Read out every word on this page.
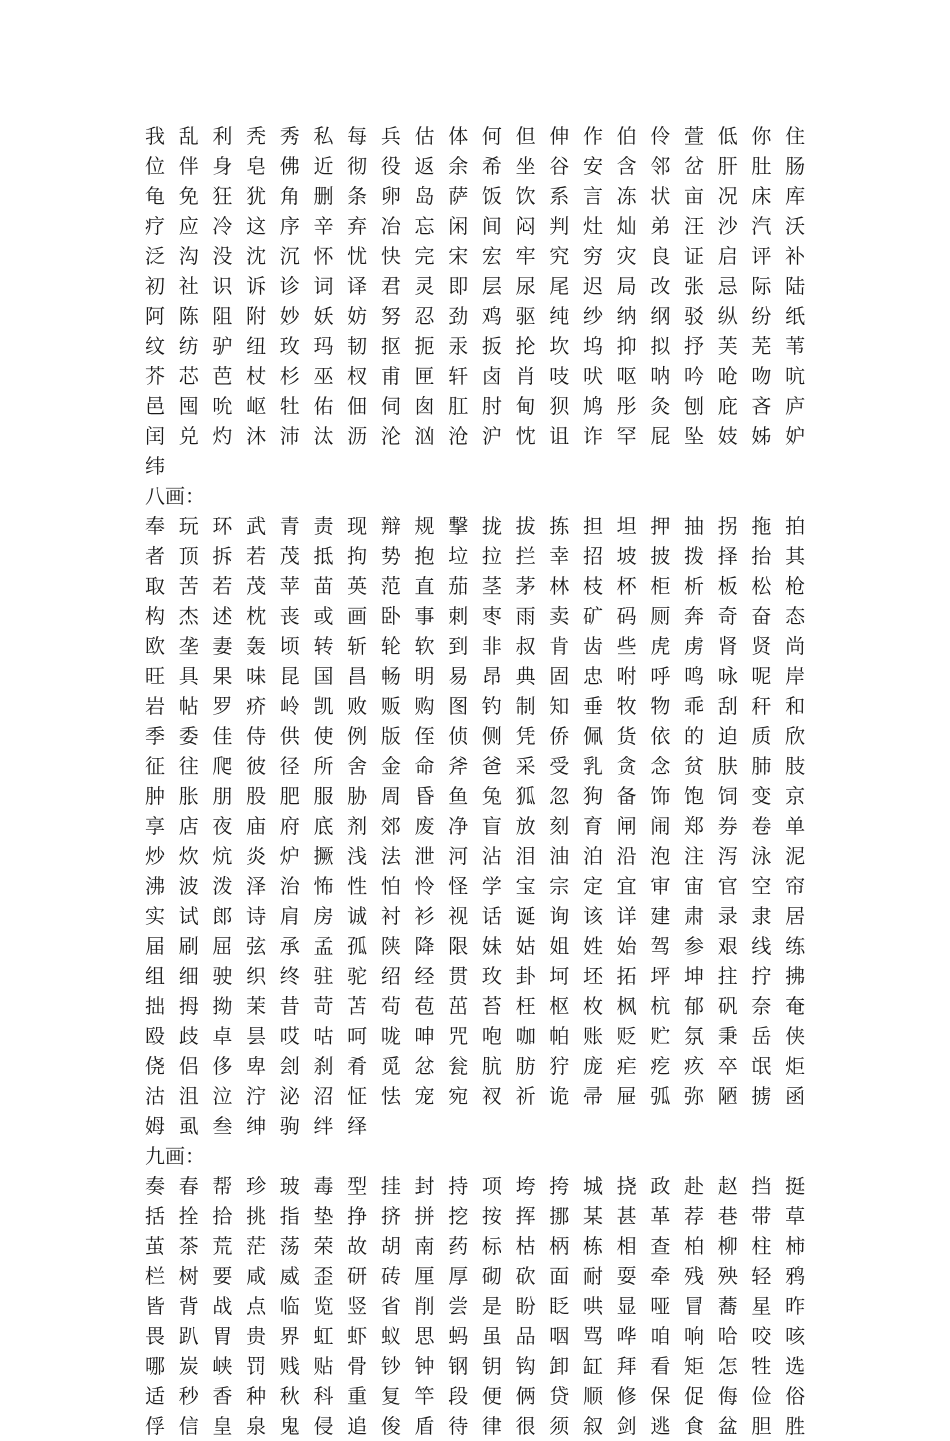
我 乱 利 秃 秀 私 每 兵 估 体 何 但 伸 作 伯 伶 萱 低 你 住
位 伴 身 皂 佛 近 彻 役 返 余 希 坐 谷 安 含 邻 岔 肝 肚 肠
龟 免 狂 犹 角 删 条 卵 岛 萨 饭 饮 系 言 冻 状 亩 况 床 库
疗 应 冷 这 序 辛 弃 冶 忘 闲 间 闷 判 灶 灿 弟 汪 沙 汽 沃
泛 沟 没 沈 沉 怀 忧 快 完 宋 宏 牢 究 穷 灾 良 证 启 评 补
初 社 识 诉 诊 词 译 君 灵 即 层 尿 尾 迟 局 改 张 忌 际 陆
阿 陈 阻 附 妙 妖 妨 努 忍 劲 鸡 驱 纯 纱 纳 纲 驳 纵 纷 纸
纹 纺 驴 纽 玫 玛 韧 抠 扼 汞 扳 抡 坎 坞 抑 拟 抒 芙 芜 苇
芥 芯 芭 杖 杉 巫 杈 甫 匣 轩 卤 肖 吱 吠 呕 呐 吟 呛 吻 吭
邑 囤 吮 岖 牡 佑 佃 伺 囱 肛 肘 甸 狈 鸠 彤 灸 刨 庇 吝 庐
闰 兑 灼 沐 沛 汰 沥 沦 汹 沧 沪 忱 诅 诈 罕 屁 坠 妓 姊 妒
纬
八画：
奉 玩 环 武 青 责 现 辩 规 撃 拢 拔 拣 担 坦 押 抽 拐 拖 拍
者 顶 拆 若 茂 抵 拘 势 抱 垃 拉 拦 幸 招 坡 披 拨 择 抬 其
取 苦 若 茂 苹 苗 英 范 直 茄 茎 茅 林 枝 杯 柜 析 板 松 枪
构 杰 述 枕 丧 或 画 卧 事 刺 枣 雨 卖 矿 码 厕 奔 奇 奋 态
欧 垄 妻 轰 顷 转 斩 轮 软 到 非 叔 肯 齿 些 虎 虏 肾 贤 尚
旺 具 果 味 昆 国 昌 畅 明 易 昂 典 固 忠 咐 呼 鸣 咏 呢 岸
岩 帖 罗 疥 岭 凯 败 贩 购 图 钓 制 知 垂 牧 物 乖 刮 秆 和
季 委 佳 侍 供 使 例 版 侄 侦 侧 凭 侨 佩 货 依 的 迫 质 欣
征 往 爬 彼 径 所 舍 金 命 斧 爸 采 受 乳 贪 念 贫 肤 肺 肢
肿 胀 朋 股 肥 服 胁 周 昏 鱼 兔 狐 忽 狗 备 饰 饱 饲 变 京
享 店 夜 庙 府 底 剂 郊 废 净 盲 放 刻 育 闸 闹 郑 券 卷 单
炒 炊 炕 炎 炉 撅 浅 法 泄 河 沾 泪 油 泊 沿 泡 注 泻 泳 泥
沸 波 泼 泽 治 怖 性 怕 怜 怪 学 宝 宗 定 宜 审 宙 官 空 帘
实 试 郎 诗 肩 房 诚 衬 衫 视 话 诞 询 该 详 建 肃 录 隶 居
届 刷 屈 弦 承 孟 孤 陕 降 限 妹 姑 姐 姓 始 驾 参 艰 线 练
组 细 驶 织 终 驻 驼 绍 经 贯 玫 卦 坷 坯 拓 坪 坤 拄 拧 拂
拙 拇 拗 茉 昔 苛 苫 茍 苞 茁 苔 枉 枢 枚 枫 杭 郁 矾 奈 奄
殴 歧 卓 昙 哎 咕 呵 咙 呻 咒 咆 咖 帕 账 贬 贮 氛 秉 岳 侠
侥 侣 侈 卑 刽 刹 肴 觅 忿 瓮 肮 肪 狞 庞 疟 疙 疚 卒 氓 炬
沽 沮 泣 泞 泌 沼 怔 怯 宠 宛 衩 祈 诡 帚 屉 弧 弥 陋 掳 函
姆 虱 叁 绅 驹 绊 绎
九画：
奏 春 帮 珍 玻 毒 型 挂 封 持 项 垮 挎 城 挠 政 赴 赵 挡 挺
括 拴 拾 挑 指 垫 挣 挤 拼 挖 按 挥 挪 某 甚 革 荐 巷 带 草
茧 茶 荒 茫 荡 荣 故 胡 南 药 标 枯 柄 栋 相 查 柏 柳 柱 柿
栏 树 要 咸 威 歪 研 砖 厘 厚 砌 砍 面 耐 耍 牵 残 殃 轻 鸦
皆 背 战 点 临 览 竖 省 削 尝 是 盼 眨 哄 显 哑 冒 蕎 星 昨
畏 趴 胃 贵 界 虹 虾 蚁 思 蚂 虽 品 咽 骂 哗 咱 响 哈 咬 咳
哪 炭 峡 罚 贱 贴 骨 钞 钟 钢 钥 钩 卸 缸 拜 看 矩 怎 牲 选
适 秒 香 种 秋 科 重 复 竿 段 便 俩 贷 顺 修 保 促 侮 俭 俗
俘 信 皇 泉 鬼 侵 追 俊 盾 待 律 很 须 叙 剑 逃 食 盆 胆 胜
